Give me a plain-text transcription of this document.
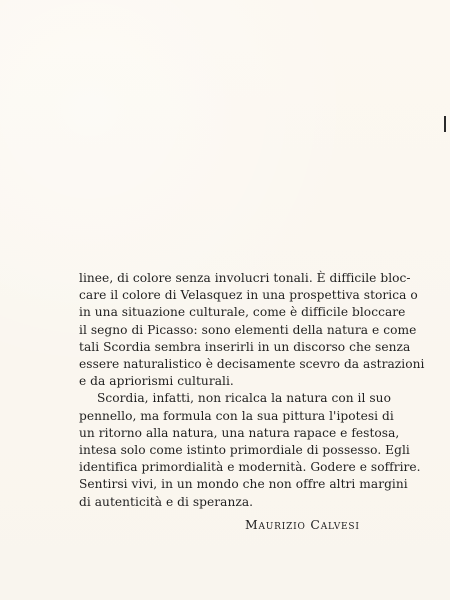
linee, di colore senza involucri tonali. È difficile bloc-
care il colore di Velasquez in una prospettiva storica o
in una situazione culturale, come è difficile bloccare
il segno di Picasso: sono elementi della natura e come
tali Scordia sembra inserirli in un discorso che senza
essere naturalistico è decisamente scevro da astrazioni
e da apriorismi culturali.
Scordia, infatti, non ricalca la natura con il suo
pennello, ma formula con la sua pittura l'ipotesi di
un ritorno alla natura, una natura rapace e festosa,
intesa solo come istinto primordiale di possesso. Egli
identifica primordialità e modernità. Godere e soffrire.
Sentirsi vivi, in un mondo che non offre altri margini
di autenticità e di speranza.
Maurizio Calvesi
